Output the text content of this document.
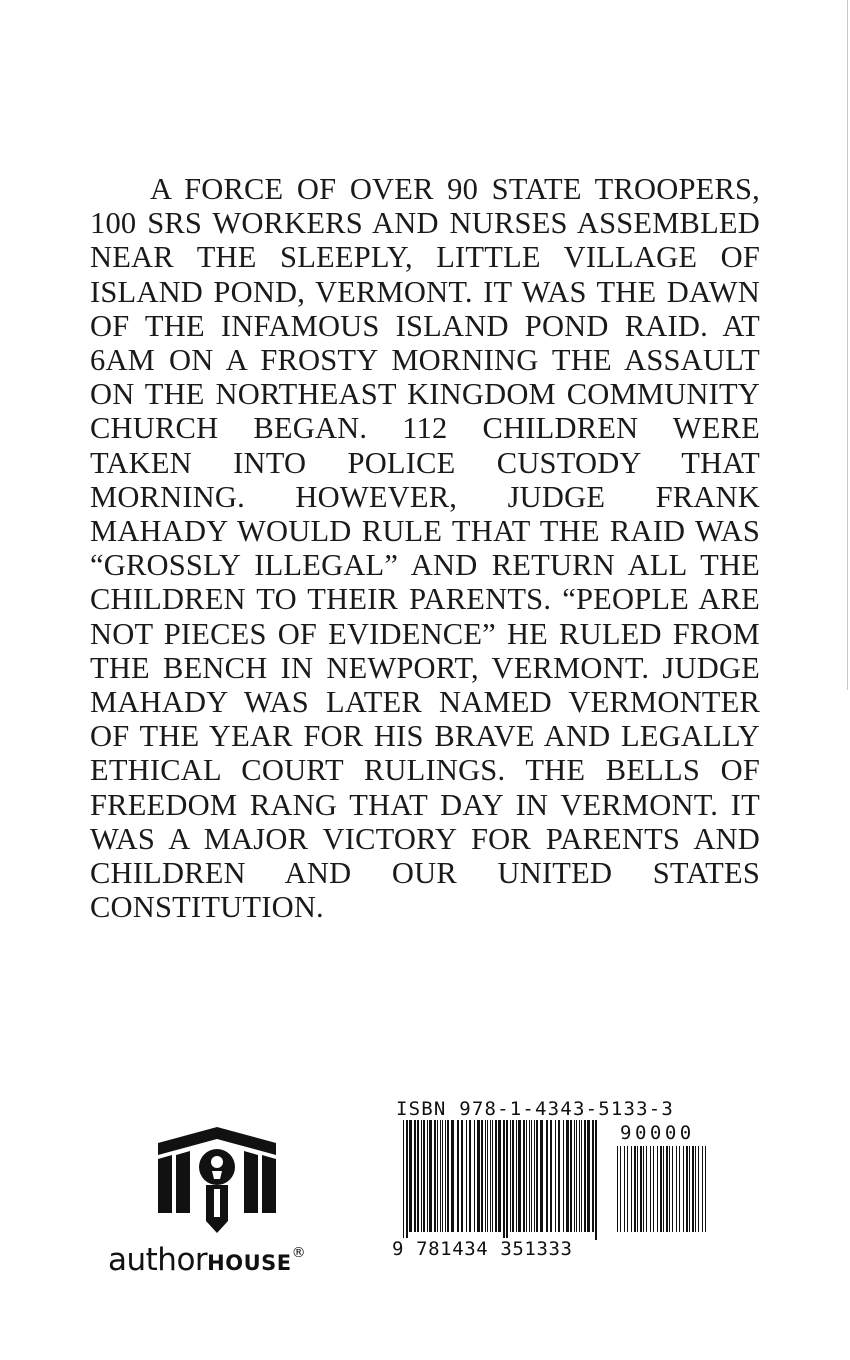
A FORCE OF OVER 90 STATE TROOPERS, 100 SRS WORKERS AND NURSES ASSEMBLED NEAR THE SLEEPLY, LITTLE VILLAGE OF ISLAND POND, VERMONT. IT WAS THE DAWN OF THE INFAMOUS ISLAND POND RAID. AT 6AM ON A FROSTY MORNING THE ASSAULT ON THE NORTHEAST KINGDOM COMMUNITY CHURCH BEGAN. 112 CHILDREN WERE TAKEN INTO POLICE CUSTODY THAT MORNING. HOWEVER, JUDGE FRANK MAHADY WOULD RULE THAT THE RAID WAS “GROSSLY ILLEGAL” AND RETURN ALL THE CHILDREN TO THEIR PARENTS. “PEOPLE ARE NOT PIECES OF EVIDENCE” HE RULED FROM THE BENCH IN NEWPORT, VERMONT. JUDGE MAHADY WAS LATER NAMED VERMONTER OF THE YEAR FOR HIS BRAVE AND LEGALLY ETHICAL COURT RULINGS. THE BELLS OF FREEDOM RANG THAT DAY IN VERMONT. IT WAS A MAJOR VICTORY FOR PARENTS AND CHILDREN AND OUR UNITED STATES CONSTITUTION.

authorHOUSE®
ISBN 978-1-4343-5133-3
90000
9 781434 351333
